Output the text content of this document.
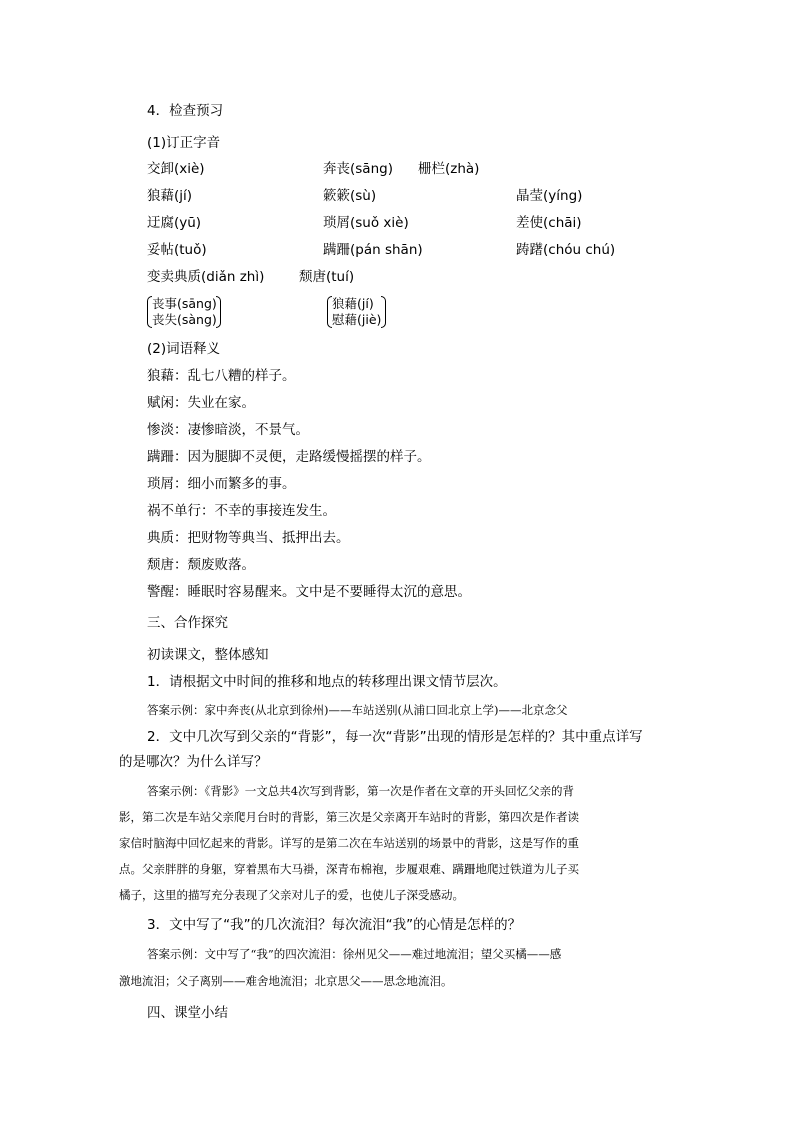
4．检查预习
(1)订正字音
交卸(xiè)	奔丧(sāng) 栅栏(zhà)
狼藉(jí)	簌簌(sù)	晶莹(yíng)
迂腐(yū)	琐屑(suǒ xiè)	差使(chāi)
妥帖(tuǒ)	蹒跚(pán shān)	踌躇(chóu chú)
变卖典质(diǎn zhì)	颓唐(tuí)
丧事(sāng)
丧失(sàng)
狼藉(jí)
慰藉(jiè)
(2)词语释义
狼藉：乱七八糟的样子。
赋闲：失业在家。
惨淡：凄惨暗淡，不景气。
蹒跚：因为腿脚不灵便，走路缓慢摇摆的样子。
琐屑：细小而繁多的事。
祸不单行：不幸的事接连发生。
典质：把财物等典当、抵押出去。
颓唐：颓废败落。
警醒：睡眠时容易醒来。文中是不要睡得太沉的意思。
三、合作探究
初读课文，整体感知
1．请根据文中时间的推移和地点的转移理出课文情节层次。
答案示例：家中奔丧(从北京到徐州)——车站送别(从浦口回北京上学)——北京念父
2．文中几次写到父亲的“背影”，每一次“背影”出现的情形是怎样的？其中重点详写
的是哪次？为什么详写？
答案示例：《背影》一文总共4次写到背影，第一次是作者在文章的开头回忆父亲的背
影，第二次是车站父亲爬月台时的背影，第三次是父亲离开车站时的背影，第四次是作者读
家信时脑海中回忆起来的背影。详写的是第二次在车站送别的场景中的背影，这是写作的重
点。父亲胖胖的身躯，穿着黑布大马褂，深青布棉袍，步履艰难、蹒跚地爬过铁道为儿子买
橘子，这里的描写充分表现了父亲对儿子的爱，也使儿子深受感动。
3．文中写了“我”的几次流泪？每次流泪“我”的心情是怎样的？
答案示例：文中写了“我”的四次流泪：徐州见父——难过地流泪；望父买橘——感
激地流泪；父子离别——难舍地流泪；北京思父——思念地流泪。
四、课堂小结
